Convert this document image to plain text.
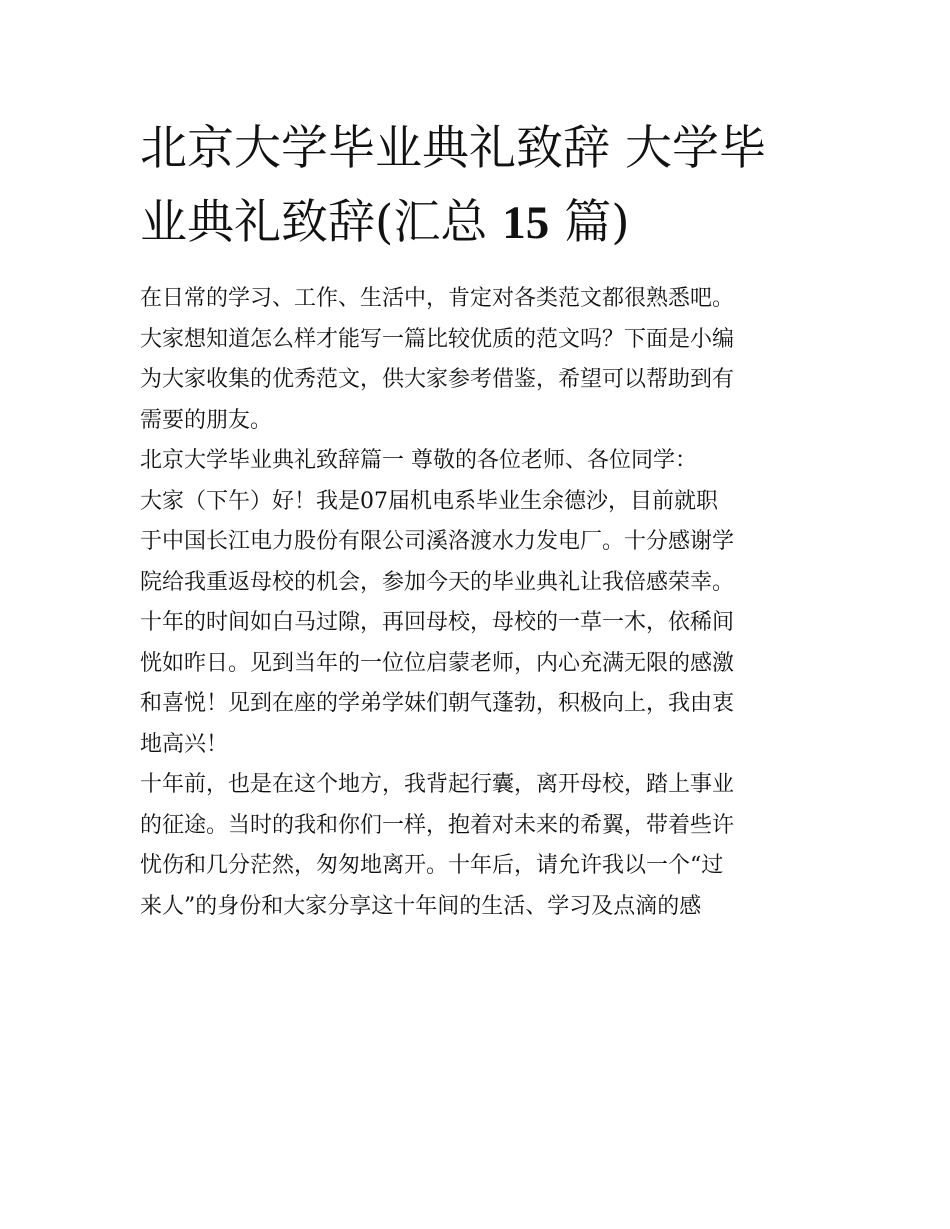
北京大学毕业典礼致辞 大学毕
业典礼致辞(汇总 15 篇)
在日常的学习、工作、生活中，肯定对各类范文都很熟悉吧。
大家想知道怎么样才能写一篇比较优质的范文吗？下面是小编
为大家收集的优秀范文，供大家参考借鉴，希望可以帮助到有
需要的朋友。
北京大学毕业典礼致辞篇一 尊敬的各位老师、各位同学：
大家（下午）好！我是07届机电系毕业生余德沙，目前就职
于中国长江电力股份有限公司溪洛渡水力发电厂。十分感谢学
院给我重返母校的机会，参加今天的毕业典礼让我倍感荣幸。
十年的时间如白马过隙，再回母校，母校的一草一木，依稀间
恍如昨日。见到当年的一位位启蒙老师，内心充满无限的感激
和喜悦！见到在座的学弟学妹们朝气蓬勃，积极向上，我由衷
地高兴！
十年前，也是在这个地方，我背起行囊，离开母校，踏上事业
的征途。当时的我和你们一样，抱着对未来的希翼，带着些许
忧伤和几分茫然，匆匆地离开。十年后，请允许我以一个“过
来人”的身份和大家分享这十年间的生活、学习及点滴的感
